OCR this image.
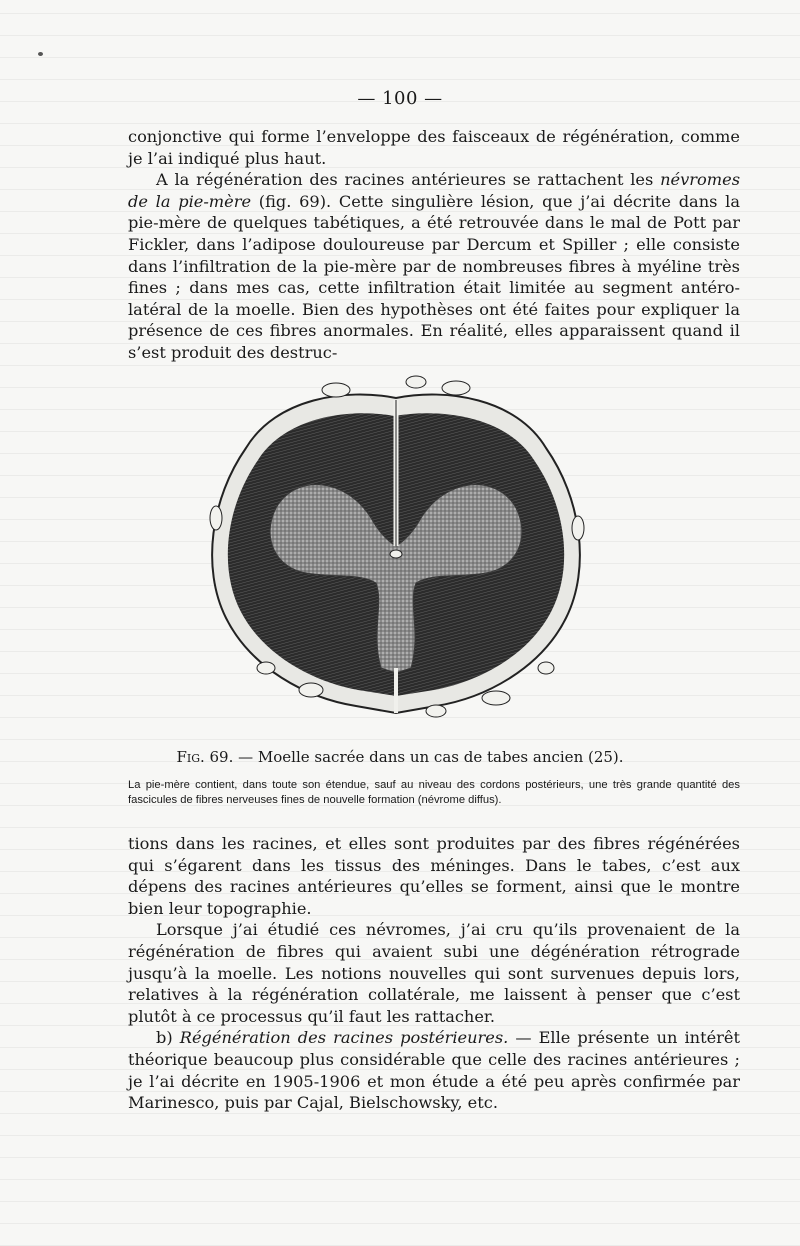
— 100 —

conjonctive qui forme l’enveloppe des faisceaux de régénération, comme je l’ai indiqué plus haut.

A la régénération des racines antérieures se rattachent les névromes de la pie-mère (fig. 69). Cette singulière lésion, que j’ai décrite dans la pie-mère de quelques tabétiques, a été retrouvée dans le mal de Pott par Fickler, dans l’adipose douloureuse par Dercum et Spiller ; elle consiste dans l’infiltration de la pie-mère par de nombreuses fibres à myéline très fines ; dans mes cas, cette infiltration était limitée au segment antéro-latéral de la moelle. Bien des hypothèses ont été faites pour expliquer la présence de ces fibres anormales. En réalité, elles apparaissent quand il s’est produit des destruc-

Fig. 69. — Moelle sacrée dans un cas de tabes ancien (25).
La pie-mère contient, dans toute son étendue, sauf au niveau des cordons postérieurs, une très grande quantité des fascicules de fibres nerveuses fines de nouvelle formation (névrome diffus).

tions dans les racines, et elles sont produites par des fibres régénérées qui s’égarent dans les tissus des méninges. Dans le tabes, c’est aux dépens des racines antérieures qu’elles se forment, ainsi que le montre bien leur topographie.

Lorsque j’ai étudié ces névromes, j’ai cru qu’ils provenaient de la régénération de fibres qui avaient subi une dégénération rétrograde jusqu’à la moelle. Les notions nouvelles qui sont survenues depuis lors, relatives à la régénération collatérale, me laissent à penser que c’est plutôt à ce processus qu’il faut les rattacher.

b) Régénération des racines postérieures. — Elle présente un intérêt théorique beaucoup plus considérable que celle des racines antérieures ; je l’ai décrite en 1905-1906 et mon étude a été peu après confirmée par Marinesco, puis par Cajal, Bielschowsky, etc.
